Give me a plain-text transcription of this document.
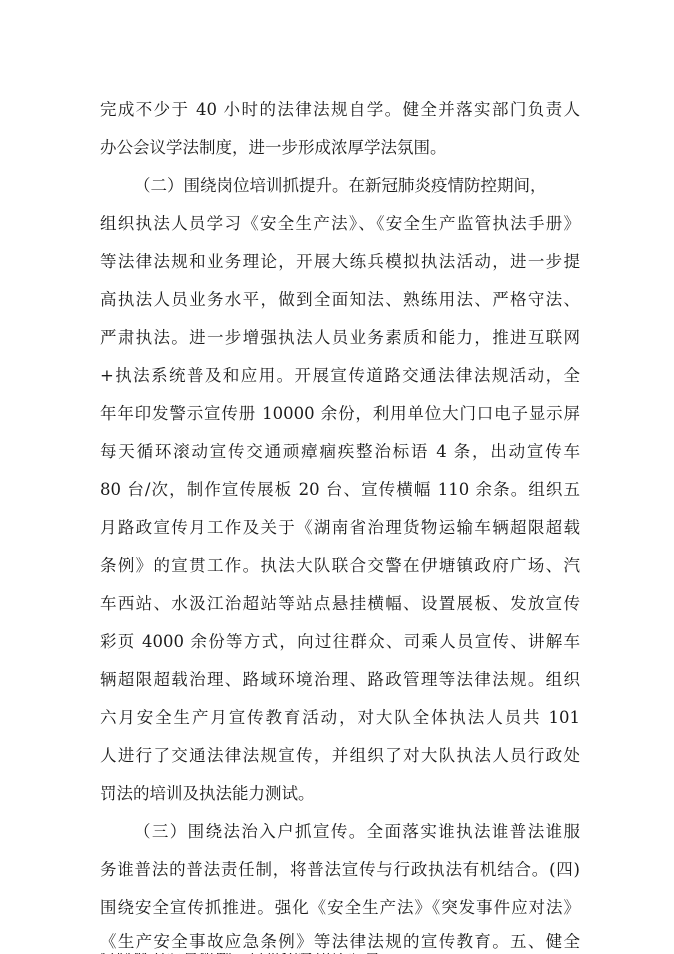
完成不少于 40 小时的法律法规自学。健全并落实部门负责人
办公会议学法制度，进一步形成浓厚学法氛围。
（二）围绕岗位培训抓提升。在新冠肺炎疫情防控期间，
组织执法人员学习《安全生产法》、《安全生产监管执法手册》
等法律法规和业务理论，开展大练兵模拟执法活动，进一步提
高执法人员业务水平，做到全面知法、熟练用法、严格守法、
严肃执法。进一步增强执法人员业务素质和能力，推进互联网
+执法系统普及和应用。开展宣传道路交通法律法规活动，全
年年印发警示宣传册 10000 余份，利用单位大门口电子显示屏
每天循环滚动宣传交通顽瘴痼疾整治标语 4 条，出动宣传车
80 台/次，制作宣传展板 20 台、宣传横幅 110 余条。组织五
月路政宣传月工作及关于《湖南省治理货物运输车辆超限超载
条例》的宣贯工作。执法大队联合交警在伊塘镇政府广场、汽
车西站、水汲江治超站等站点悬挂横幅、设置展板、发放宣传
彩页 4000 余份等方式，向过往群众、司乘人员宣传、讲解车
辆超限超载治理、路域环境治理、路政管理等法律法规。组织
六月安全生产月宣传教育活动，对大队全体执法人员共 101
人进行了交通法律法规宣传，并组织了对大队执法人员行政处
罚法的培训及执法能力测试。
（三）围绕法治入户抓宣传。全面落实谁执法谁普法谁服
务谁普法的普法责任制，将普法宣传与行政执法有机结合。(四)
围绕安全宣传抓推进。强化《安全生产法》《突发事件应对法》
《生产安全事故应急条例》等法律法规的宣传教育。五、健全
